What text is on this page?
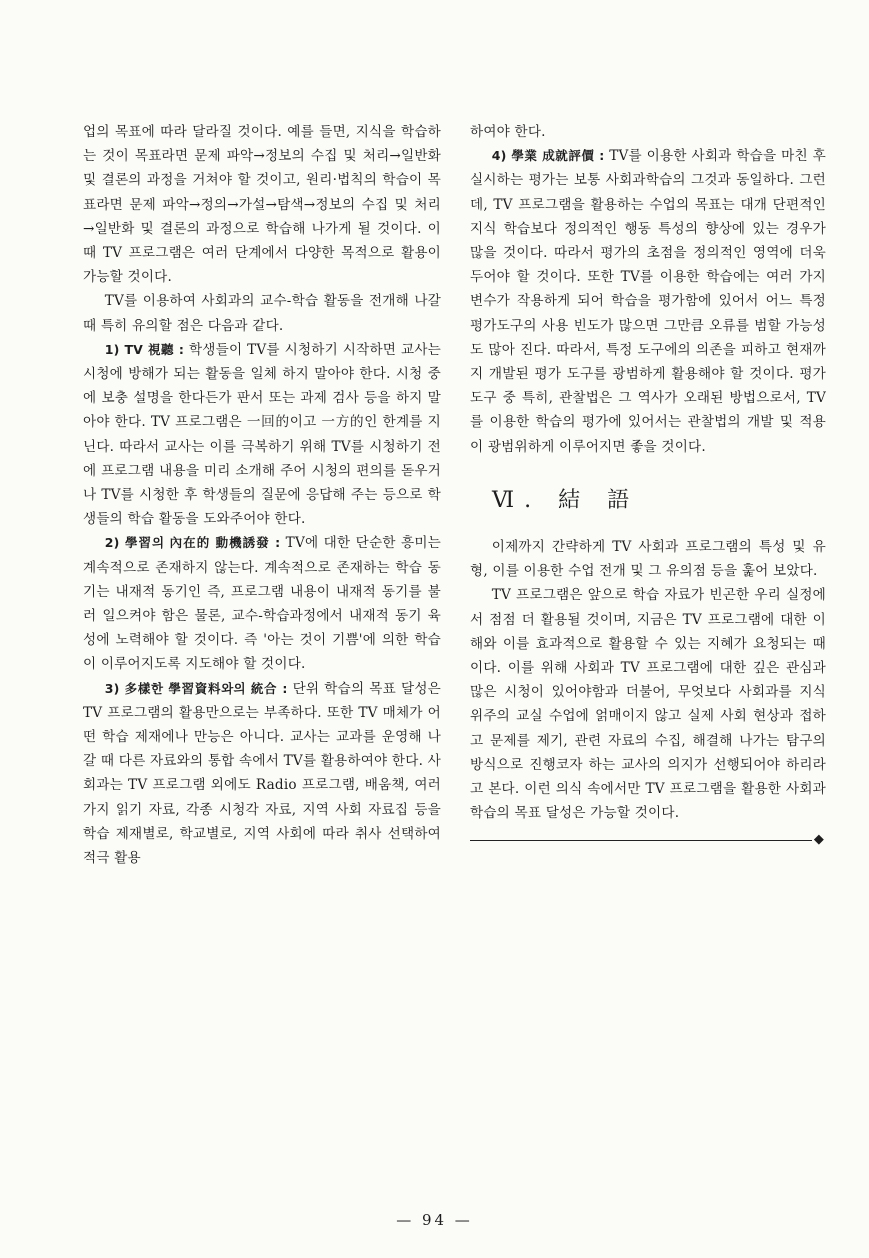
업의 목표에 따라 달라질 것이다. 예를 들면, 지식을 학습하는 것이 목표라면 문제 파악→정보의 수집 및 처리→일반화 및 결론의 과정을 거쳐야 할 것이고, 원리·법칙의 학습이 목표라면 문제 파악→정의→가설→탐색→정보의 수집 및 처리→일반화 및 결론의 과정으로 학습해 나가게 될 것이다. 이 때 TV 프로그램은 여러 단계에서 다양한 목적으로 활용이 가능할 것이다.

TV를 이용하여 사회과의 교수-학습 활동을 전개해 나갈 때 특히 유의할 점은 다음과 같다.

1) TV 視聽 : 학생들이 TV를 시청하기 시작하면 교사는 시청에 방해가 되는 활동을 일체 하지 말아야 한다. 시청 중에 보충 설명을 한다든가 판서 또는 과제 검사 등을 하지 말아야 한다. TV 프로그램은 一回的이고 一方的인 한계를 지닌다. 따라서 교사는 이를 극복하기 위해 TV를 시청하기 전에 프로그램 내용을 미리 소개해 주어 시청의 편의를 돋우거나 TV를 시청한 후 학생들의 질문에 응답해 주는 등으로 학생들의 학습 활동을 도와주어야 한다.

2) 學習의 內在的 動機誘發 : TV에 대한 단순한 흥미는 계속적으로 존재하지 않는다. 계속적으로 존재하는 학습 동기는 내재적 동기인 즉, 프로그램 내용이 내재적 동기를 불러 일으켜야 함은 물론, 교수-학습과정에서 내재적 동기 육성에 노력해야 할 것이다. 즉 '아는 것이 기쁨'에 의한 학습이 이루어지도록 지도해야 할 것이다.

3) 多樣한 學習資料와의 統合 : 단위 학습의 목표 달성은 TV 프로그램의 활용만으로는 부족하다. 또한 TV 매체가 어떤 학습 제재에나 만능은 아니다. 교사는 교과를 운영해 나갈 때 다른 자료와의 통합 속에서 TV를 활용하여야 한다. 사회과는 TV 프로그램 외에도 Radio 프로그램, 배움책, 여러 가지 읽기 자료, 각종 시청각 자료, 지역 사회 자료집 등을 학습 제재별로, 학교별로, 지역 사회에 따라 취사 선택하여 적극 활용

하여야 한다.

4) 學業 成就評價 : TV를 이용한 사회과 학습을 마친 후 실시하는 평가는 보통 사회과학습의 그것과 동일하다. 그런데, TV 프로그램을 활용하는 수업의 목표는 대개 단편적인 지식 학습보다 정의적인 행동 특성의 향상에 있는 경우가 많을 것이다. 따라서 평가의 초점을 정의적인 영역에 더욱 두어야 할 것이다. 또한 TV를 이용한 학습에는 여러 가지 변수가 작용하게 되어 학습을 평가함에 있어서 어느 특정 평가도구의 사용 빈도가 많으면 그만큼 오류를 범할 가능성도 많아 진다. 따라서, 특정 도구에의 의존을 피하고 현재까지 개발된 평가 도구를 광범하게 활용해야 할 것이다. 평가 도구 중 특히, 관찰법은 그 역사가 오래된 방법으로서, TV를 이용한 학습의 평가에 있어서는 관찰법의 개발 및 적용이 광범위하게 이루어지면 좋을 것이다.

Ⅵ. 結 語

이제까지 간략하게 TV 사회과 프로그램의 특성 및 유형, 이를 이용한 수업 전개 및 그 유의점 등을 훑어 보았다.

TV 프로그램은 앞으로 학습 자료가 빈곤한 우리 실정에서 점점 더 활용될 것이며, 지금은 TV 프로그램에 대한 이해와 이를 효과적으로 활용할 수 있는 지혜가 요청되는 때이다. 이를 위해 사회과 TV 프로그램에 대한 깊은 관심과 많은 시청이 있어야함과 더불어, 무엇보다 사회과를 지식 위주의 교실 수업에 얽매이지 않고 실제 사회 현상과 접하고 문제를 제기, 관련 자료의 수집, 해결해 나가는 탐구의 방식으로 진행코자 하는 교사의 의지가 선행되어야 하리라고 본다. 이런 의식 속에서만 TV 프로그램을 활용한 사회과 학습의 목표 달성은 가능할 것이다.

◆
— 94 —
